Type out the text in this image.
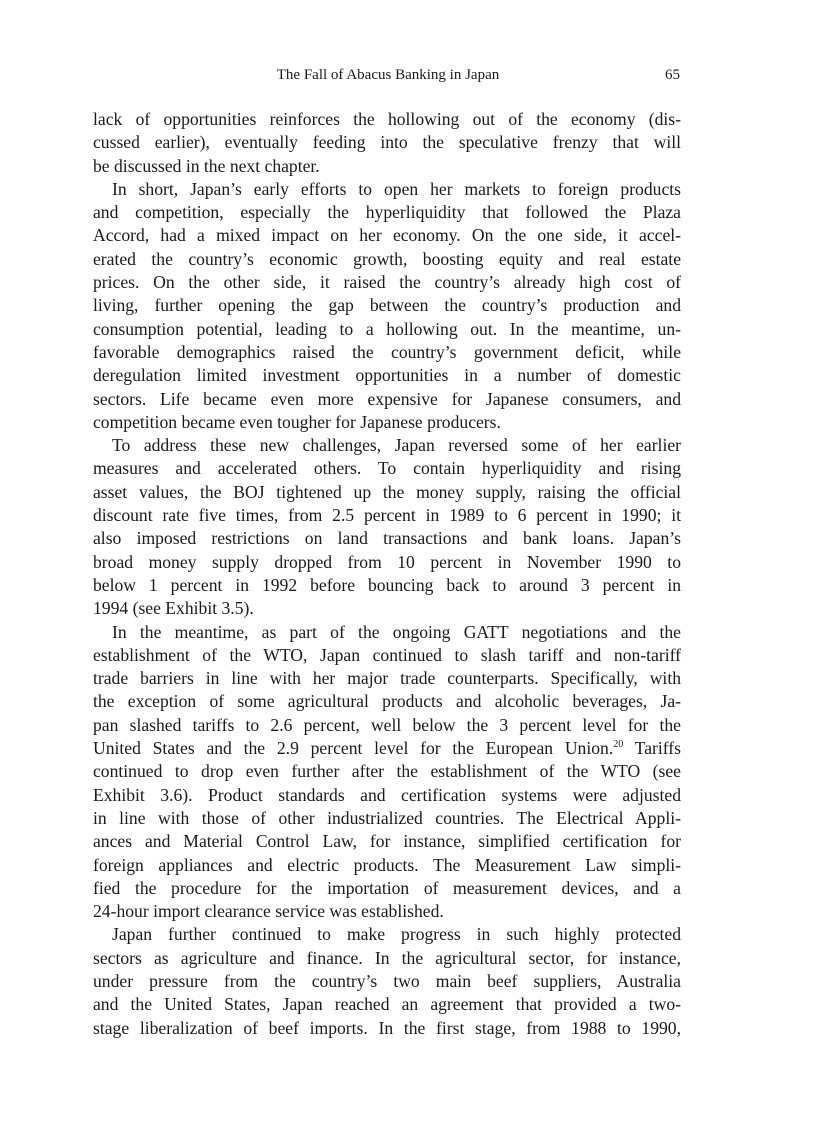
The Fall of Abacus Banking in Japan	65
lack of opportunities reinforces the hollowing out of the economy (dis-
cussed earlier), eventually feeding into the speculative frenzy that will
be discussed in the next chapter.
In short, Japan’s early efforts to open her markets to foreign products
and competition, especially the hyperliquidity that followed the Plaza
Accord, had a mixed impact on her economy. On the one side, it accel-
erated the country’s economic growth, boosting equity and real estate
prices. On the other side, it raised the country’s already high cost of
living, further opening the gap between the country’s production and
consumption potential, leading to a hollowing out. In the meantime, un-
favorable demographics raised the country’s government deficit, while
deregulation limited investment opportunities in a number of domestic
sectors. Life became even more expensive for Japanese consumers, and
competition became even tougher for Japanese producers.
To address these new challenges, Japan reversed some of her earlier
measures and accelerated others. To contain hyperliquidity and rising
asset values, the BOJ tightened up the money supply, raising the official
discount rate five times, from 2.5 percent in 1989 to 6 percent in 1990; it
also imposed restrictions on land transactions and bank loans. Japan’s
broad money supply dropped from 10 percent in November 1990 to
below 1 percent in 1992 before bouncing back to around 3 percent in
1994 (see Exhibit 3.5).
In the meantime, as part of the ongoing GATT negotiations and the
establishment of the WTO, Japan continued to slash tariff and non-tariff
trade barriers in line with her major trade counterparts. Specifically, with
the exception of some agricultural products and alcoholic beverages, Ja-
pan slashed tariffs to 2.6 percent, well below the 3 percent level for the
United States and the 2.9 percent level for the European Union.$^{20}$ Tariffs
continued to drop even further after the establishment of the WTO (see
Exhibit 3.6). Product standards and certification systems were adjusted
in line with those of other industrialized countries. The Electrical Appli-
ances and Material Control Law, for instance, simplified certification for
foreign appliances and electric products. The Measurement Law simpli-
fied the procedure for the importation of measurement devices, and a
24-hour import clearance service was established.
Japan further continued to make progress in such highly protected
sectors as agriculture and finance. In the agricultural sector, for instance,
under pressure from the country’s two main beef suppliers, Australia
and the United States, Japan reached an agreement that provided a two-
stage liberalization of beef imports. In the first stage, from 1988 to 1990,
